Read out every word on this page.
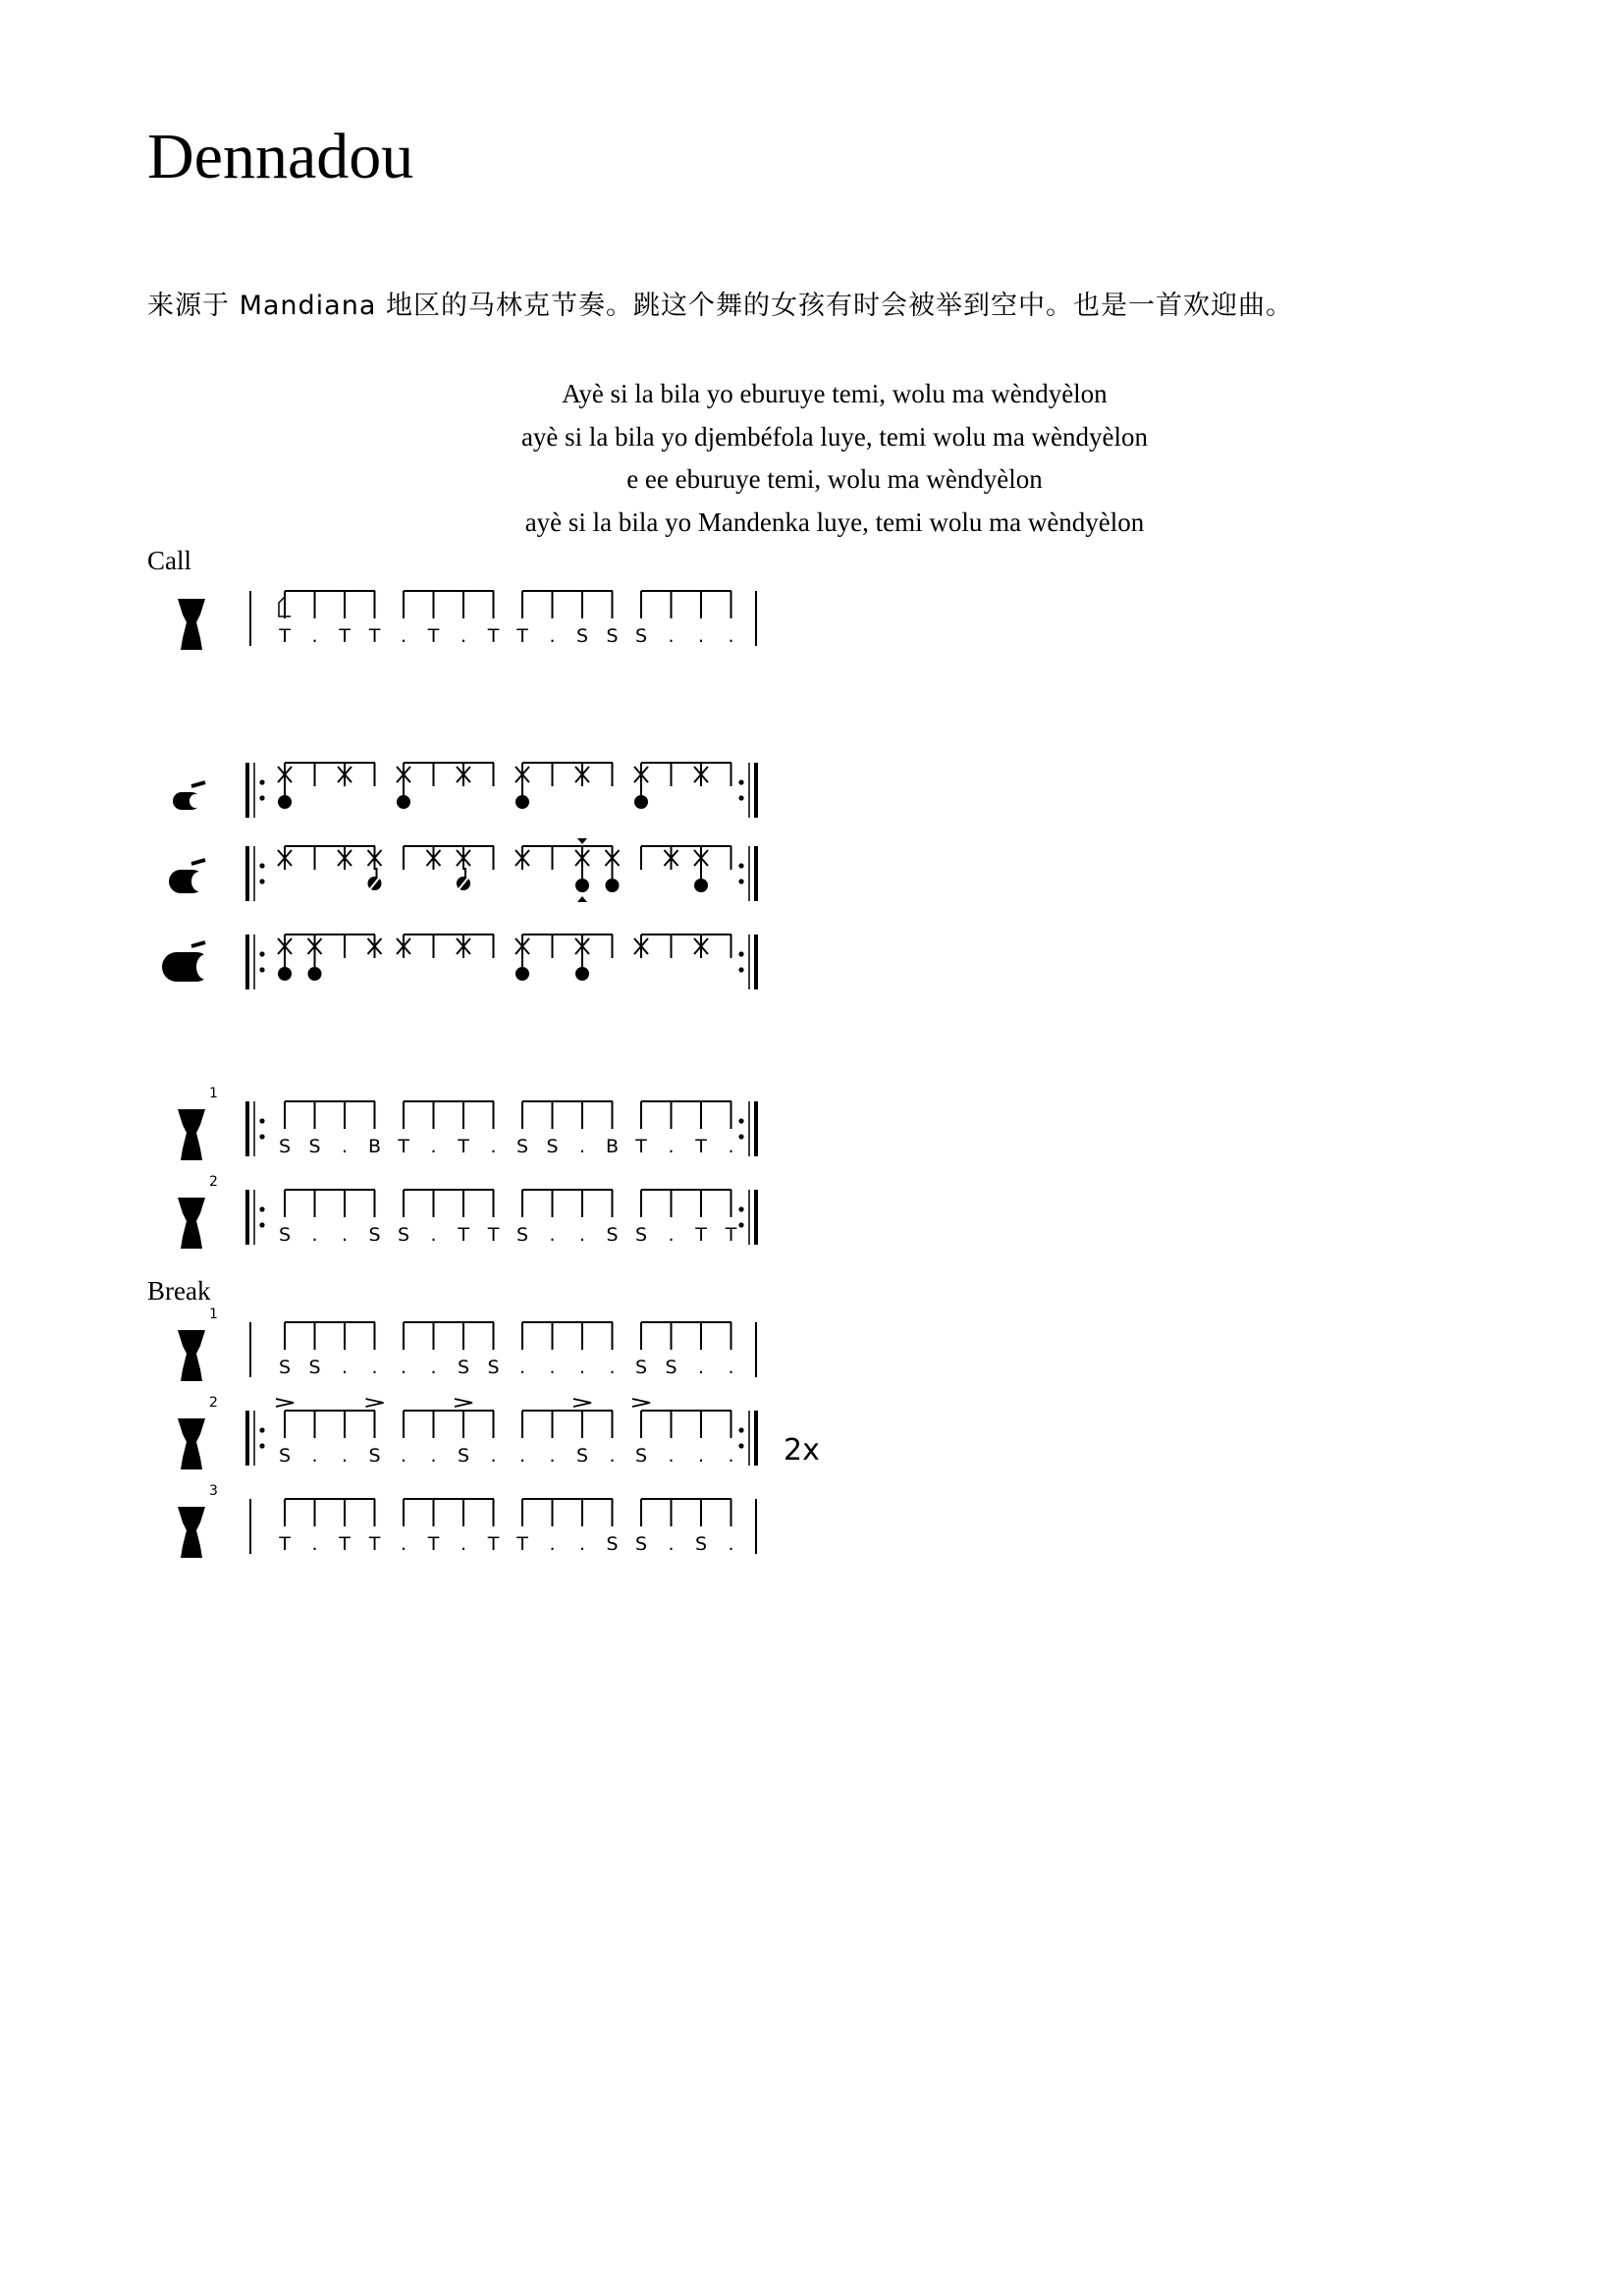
Dennadou
来源于 Mandiana 地区的马林克节奏。跳这个舞的女孩有时会被举到空中。也是一首欢迎曲。
Ayè si la bila yo eburuye temi, wolu ma wèndyèlon
ayè si la bila yo djembéfola luye, temi wolu ma wèndyèlon
e ee eburuye temi, wolu ma wèndyèlon
ayè si la bila yo Mandenka luye, temi wolu ma wèndyèlon
Call
Break
T . T T . T . T T . S S S . . .
1
S S . B T . T . S S . B T . T .
2
S . . S S . T T S . . S S . T T
1
S S . . . . S S . . . . S S . .
2
S . . S . . S . . . S . S . . . 2x
3
T . T T . T . T T . . S S . S .
